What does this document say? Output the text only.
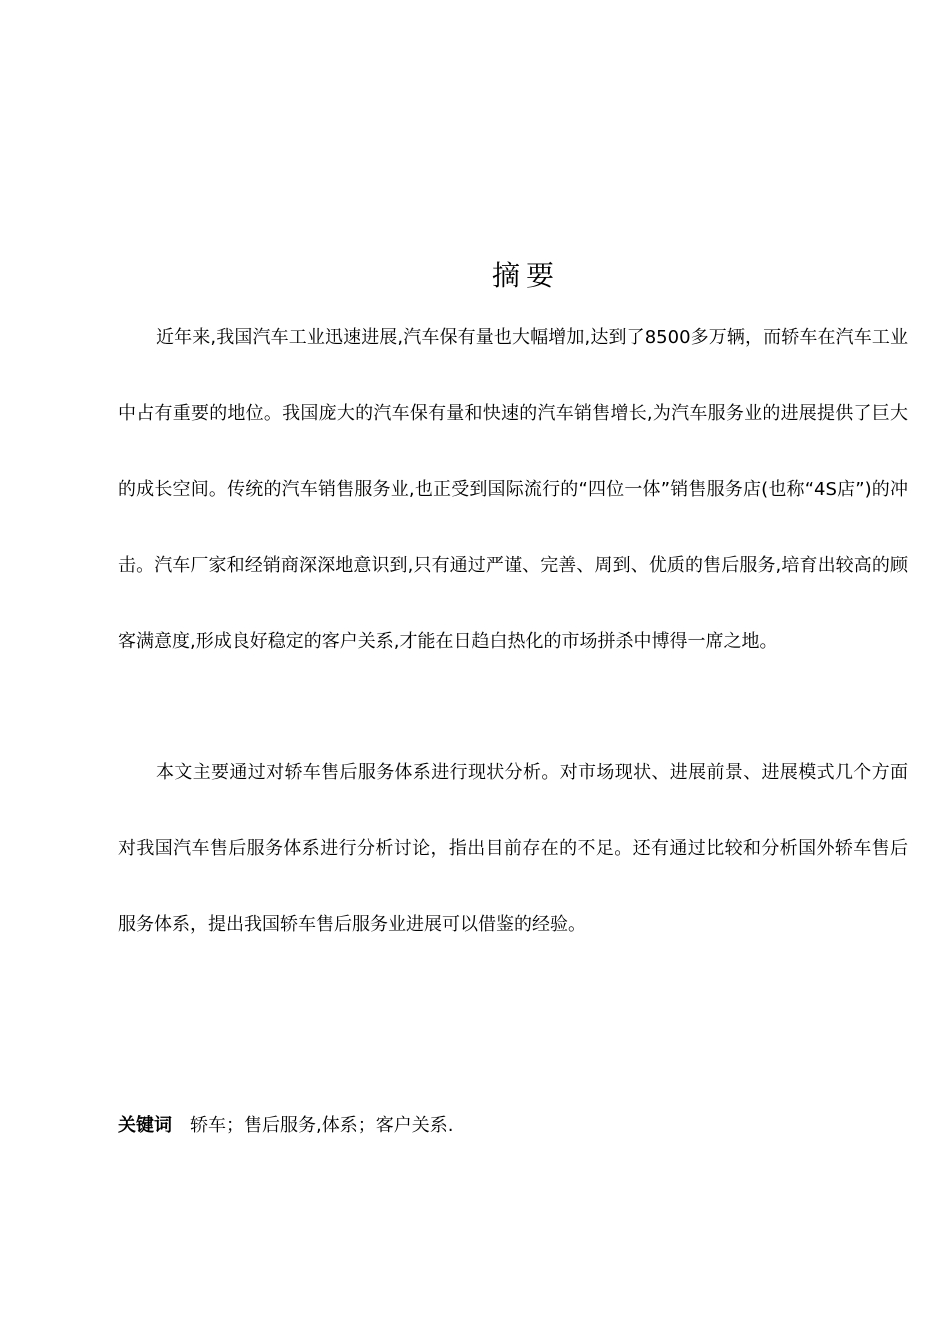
摘要

近年来,我国汽车工业迅速进展,汽车保有量也大幅增加,达到了8500多万辆，而轿车在汽车工业中占有重要的地位。我国庞大的汽车保有量和快速的汽车销售增长,为汽车服务业的进展提供了巨大的成长空间。传统的汽车销售服务业,也正受到国际流行的“四位一体”销售服务店(也称“4S店”)的冲击。汽车厂家和经销商深深地意识到,只有通过严谨、完善、周到、优质的售后服务,培育出较高的顾客满意度,形成良好稳定的客户关系,才能在日趋白热化的市场拼杀中博得一席之地。

本文主要通过对轿车售后服务体系进行现状分析。对市场现状、进展前景、进展模式几个方面对我国汽车售后服务体系进行分析讨论，指出目前存在的不足。还有通过比较和分析国外轿车售后服务体系，提出我国轿车售后服务业进展可以借鉴的经验。

关键词 轿车；售后服务,体系；客户关系.
